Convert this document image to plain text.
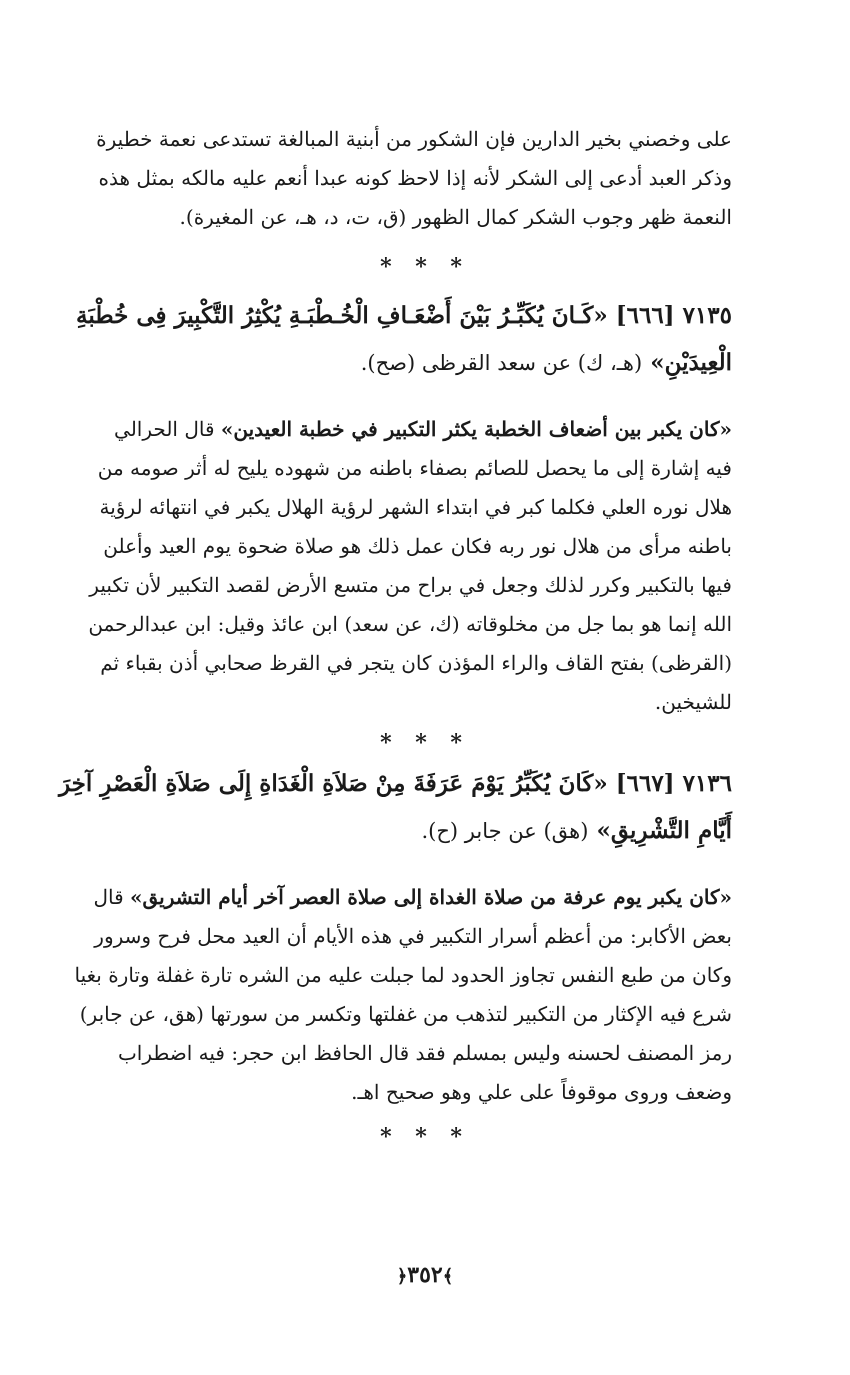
على وخصني بخير الدارين فإن الشكور من أبنية المبالغة تستدعى نعمة خطيرة
وذكر العبد أدعى إلى الشكر لأنه إذا لاحظ كونه عبدا أنعم عليه مالكه بمثل هذه
النعمة ظهر وجوب الشكر كمال الظهور (ق، ت، د، هـ، عن المغيرة).
* * *
٧١٣٥ [٦٦٦] «كَـانَ يُكَبِّـرُ بَيْنَ أَضْعَـافِ الْخُـطْبَـةِ يُكْثِرُ التَّكْبِيرَ فِى خُطْبَةِ
الْعِيدَيْنِ» (هـ، ك) عن سعد القرظى (صح).
«كان يكبر بين أضعاف الخطبة يكثر التكبير في خطبة العيدين» قال الحرالي
فيه إشارة إلى ما يحصل للصائم بصفاء باطنه من شهوده يليح له أثر صومه من
هلال نوره العلي فكلما كبر في ابتداء الشهر لرؤية الهلال يكبر في انتهائه لرؤية
باطنه مرأى من هلال نور ربه فكان عمل ذلك هو صلاة ضحوة يوم العيد وأعلن
فيها بالتكبير وكرر لذلك وجعل في براح من متسع الأرض لقصد التكبير لأن تكبير
الله إنما هو بما جل من مخلوقاته (ك، عن سعد) ابن عائذ وقيل: ابن عبدالرحمن
(القرظى) بفتح القاف والراء المؤذن كان يتجر في القرظ صحابي أذن بقباء ثم
للشيخين.
* * *
٧١٣٦ [٦٦٧] «كَانَ يُكَبِّرُ يَوْمَ عَرَفَةَ مِنْ صَلاَةِ الْغَدَاةِ إِلَى صَلاَةِ الْعَصْرِ آخِرَ
أَيَّامِ التَّشْرِيقِ» (هق) عن جابر (ح).
«كان يكبر يوم عرفة من صلاة الغداة إلى صلاة العصر آخر أيام التشريق» قال
بعض الأكابر: من أعظم أسرار التكبير في هذه الأيام أن العيد محل فرح وسرور
وكان من طبع النفس تجاوز الحدود لما جبلت عليه من الشره تارة غفلة وتارة بغيا
شرع فيه الإكثار من التكبير لتذهب من غفلتها وتكسر من سورتها (هق، عن جابر)
رمز المصنف لحسنه وليس بمسلم فقد قال الحافظ ابن حجر: فيه اضطراب
وضعف وروى موقوفاً على علي وهو صحيح اهـ.
* * *
﴾٣٥٢﴿
